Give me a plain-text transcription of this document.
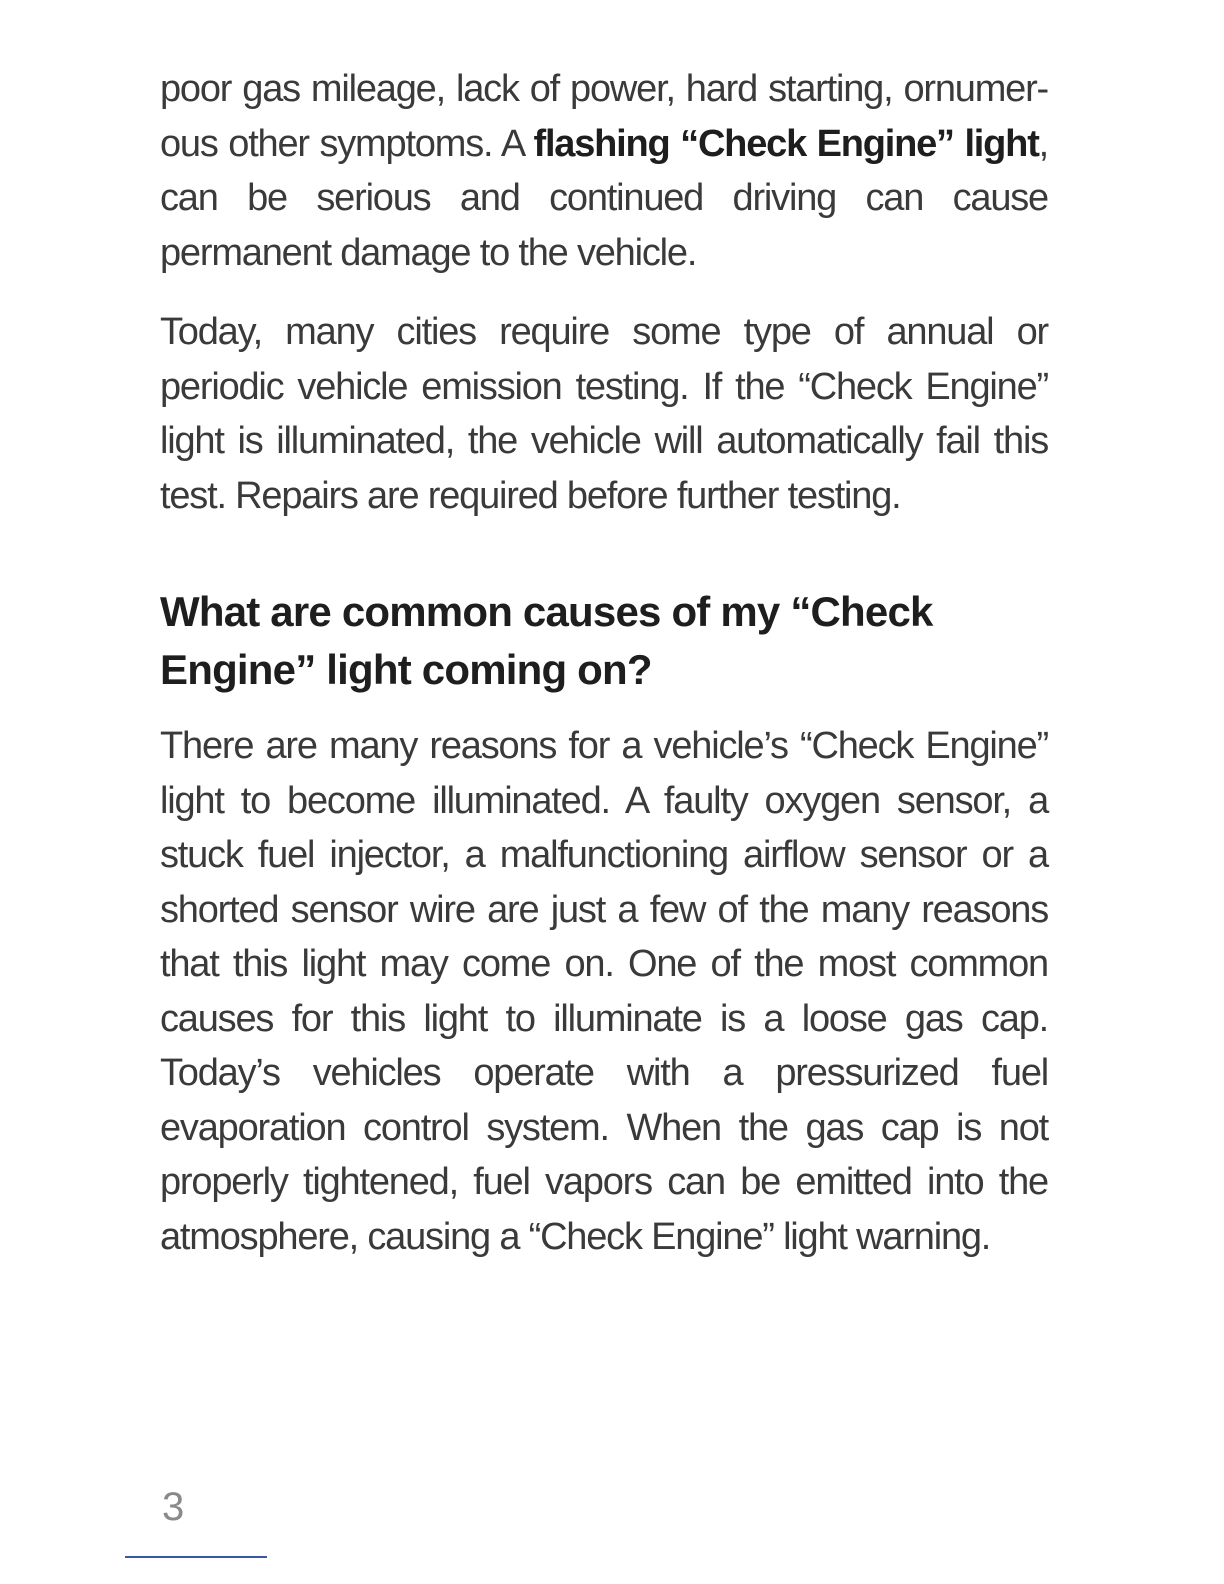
poor gas mileage, lack of power, hard starting, ornumer-ous other symptoms. A flashing “Check Engine” light, can be serious and continued driving can cause permanent damage to the vehicle.

Today, many cities require some type of annual or periodic vehicle emission testing. If the “Check Engine” light is illuminated, the vehicle will automatically fail this test. Repairs are required before further testing.

What are common causes of my “Check Engine” light coming on?

There are many reasons for a vehicle’s “Check Engine” light to become illuminated. A faulty oxygen sensor, a stuck fuel injector, a malfunctioning airflow sensor or a shorted sensor wire are just a few of the many reasons that this light may come on. One of the most common causes for this light to illuminate is a loose gas cap. Today’s vehicles operate with a pressurized fuel evaporation control system. When the gas cap is not properly tightened, fuel vapors can be emitted into the atmosphere, causing a “Check Engine” light warning.

3
